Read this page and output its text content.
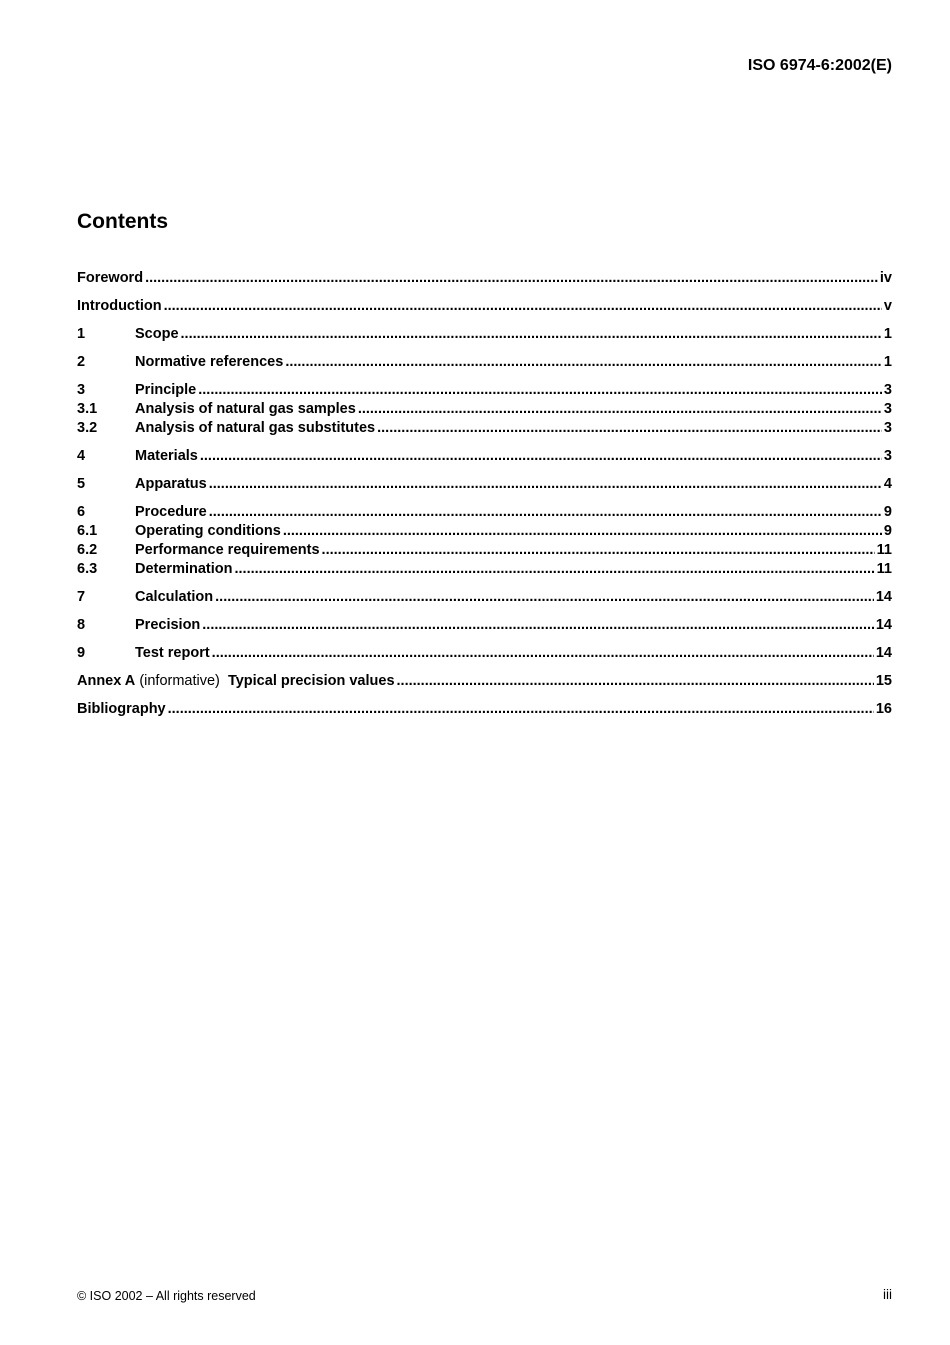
ISO 6974-6:2002(E)
Contents
Foreword .....	iv
Introduction .....	v
1	Scope .....	1
2	Normative references .....	1
3	Principle .....	3
3.1	Analysis of natural gas samples .....	3
3.2	Analysis of natural gas substitutes .....	3
4	Materials .....	3
5	Apparatus .....	4
6	Procedure .....	9
6.1	Operating conditions .....	9
6.2	Performance requirements .....	11
6.3	Determination .....	11
7	Calculation .....	14
8	Precision .....	14
9	Test report .....	14
Annex A (informative) Typical precision values .....	15
Bibliography .....	16
© ISO 2002 – All rights reserved	iii
